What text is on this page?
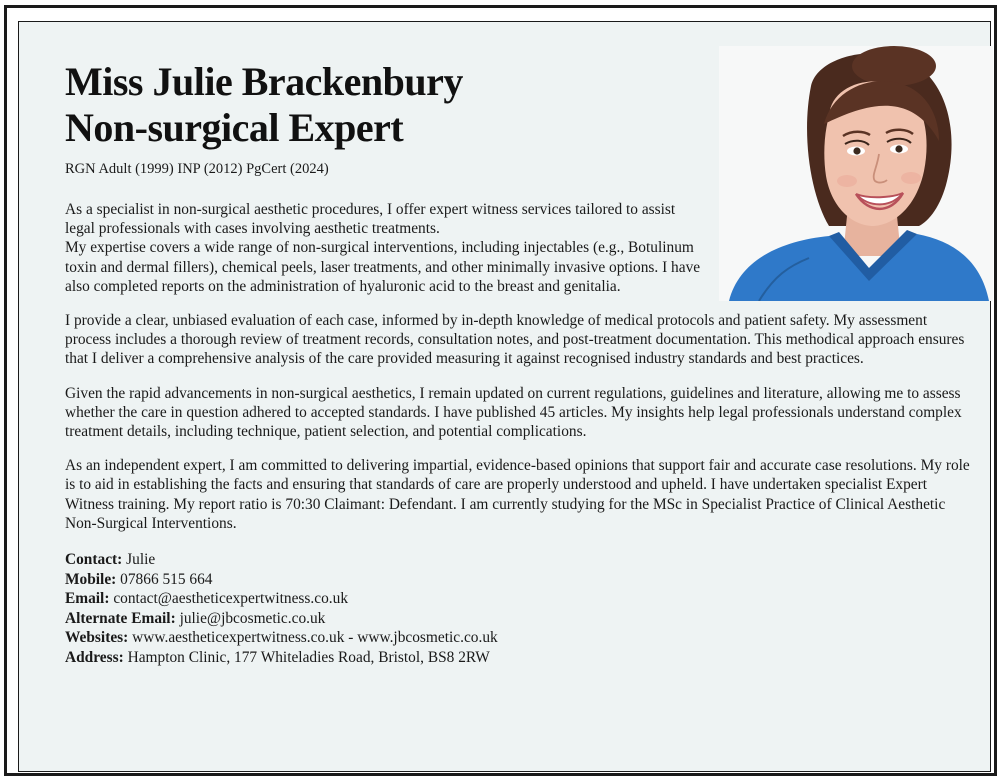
Miss Julie Brackenbury
Non-surgical Expert

RGN Adult (1999) INP (2012) PgCert (2024)

As a specialist in non-surgical aesthetic procedures, I offer expert witness services tailored to assist legal professionals with cases involving aesthetic treatments.
My expertise covers a wide range of non-surgical interventions, including injectables (e.g., Botulinum toxin and dermal fillers), chemical peels, laser treatments, and other minimally invasive options. I have also completed reports on the administration of hyaluronic acid to the breast and genitalia.

I provide a clear, unbiased evaluation of each case, informed by in-depth knowledge of medical protocols and patient safety. My assessment process includes a thorough review of treatment records, consultation notes, and post-treatment documentation. This methodical approach ensures that I deliver a comprehensive analysis of the care provided measuring it against recognised industry standards and best practices.

Given the rapid advancements in non-surgical aesthetics, I remain updated on current regulations, guidelines and literature, allowing me to assess whether the care in question adhered to accepted standards. I have published 45 articles. My insights help legal professionals understand complex treatment details, including technique, patient selection, and potential complications.

As an independent expert, I am committed to delivering impartial, evidence-based opinions that support fair and accurate case resolutions. My role is to aid in establishing the facts and ensuring that standards of care are properly understood and upheld. I have undertaken specialist Expert Witness training. My report ratio is 70:30 Claimant: Defendant. I am currently studying for the MSc in Specialist Practice of Clinical Aesthetic Non-Surgical Interventions.

Contact: Julie
Mobile: 07866 515 664
Email: contact@aestheticexpertwitness.co.uk
Alternate Email: julie@jbcosmetic.co.uk
Websites: www.aestheticexpertwitness.co.uk - www.jbcosmetic.co.uk
Address: Hampton Clinic, 177 Whiteladies Road, Bristol, BS8 2RW
